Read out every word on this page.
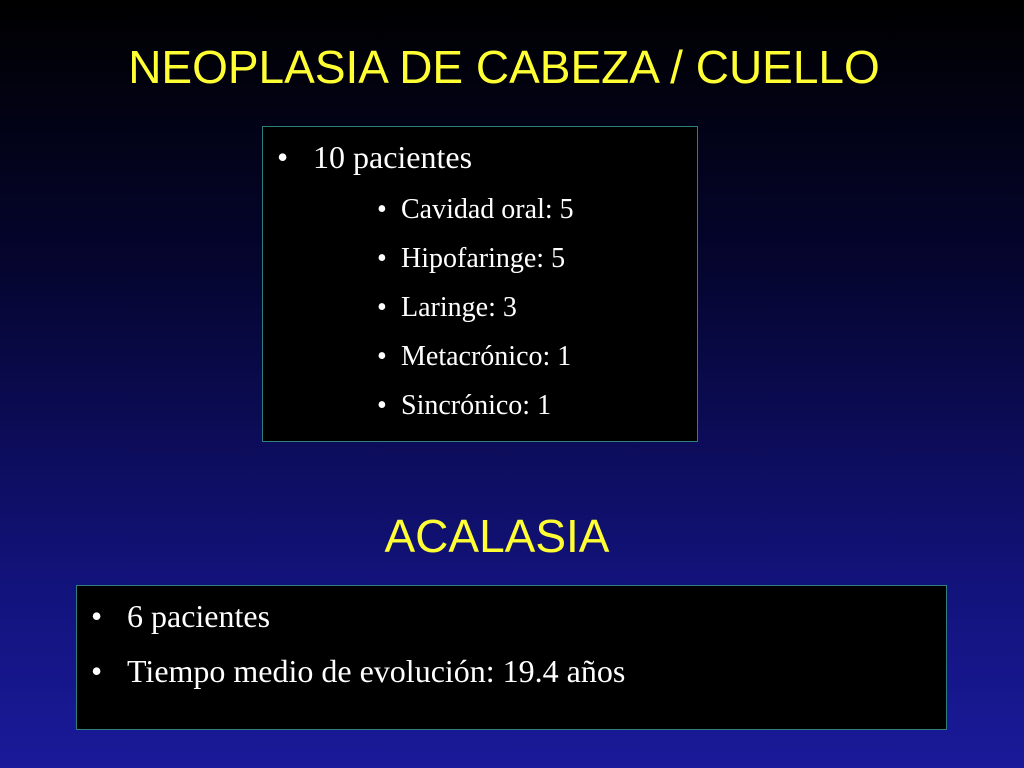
NEOPLASIA DE CABEZA / CUELLO
• 10 pacientes
• Cavidad oral: 5
• Hipofaringe: 5
• Laringe: 3
• Metacrónico: 1
• Sincrónico: 1
ACALASIA
• 6 pacientes
• Tiempo medio de evolución: 19.4 años
